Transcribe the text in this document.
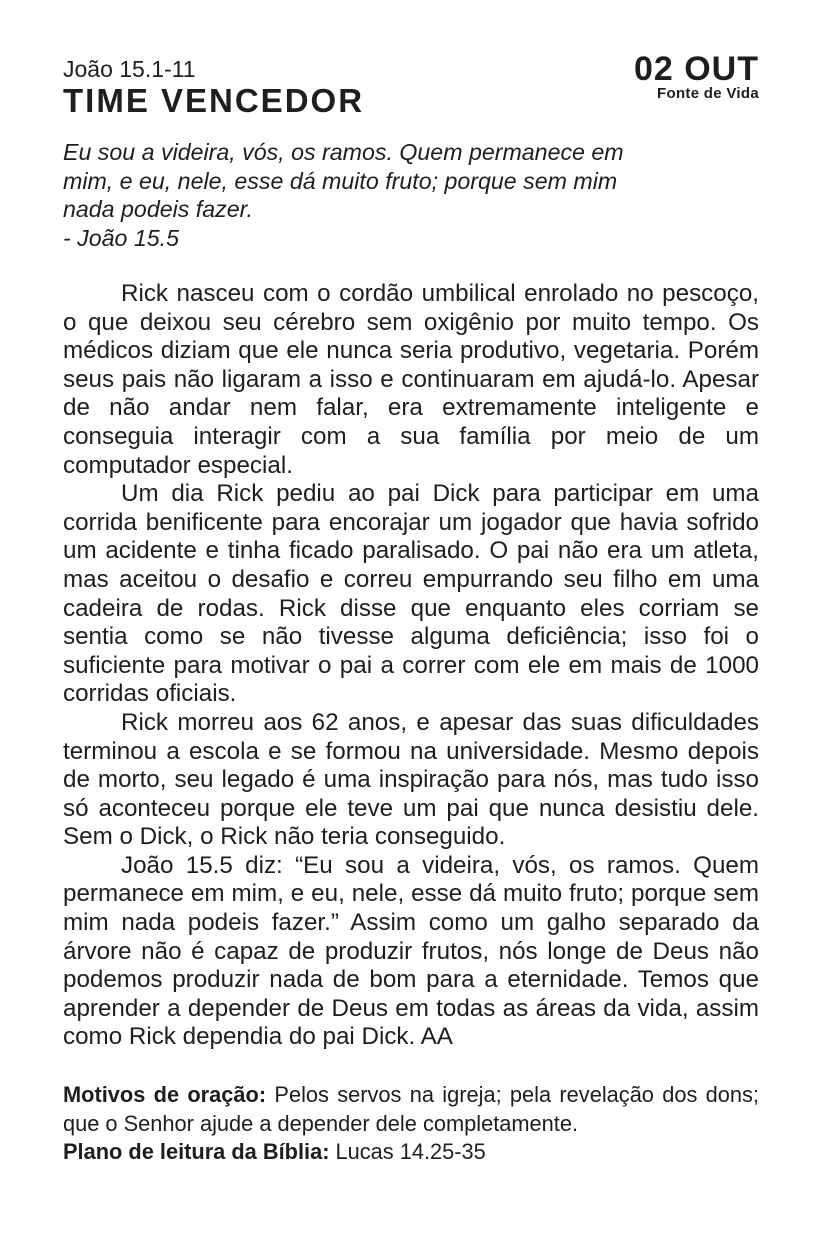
João 15.1-11
TIME VENCEDOR
02 OUT
Fonte de Vida
Eu sou a videira, vós, os ramos. Quem permanece em
mim, e eu, nele, esse dá muito fruto; porque sem mim
nada podeis fazer.
- João 15.5

Rick nasceu com o cordão umbilical enrolado no pescoço, o que deixou seu cérebro sem oxigênio por muito tempo. Os médicos diziam que ele nunca seria produtivo, vegetaria. Porém seus pais não ligaram a isso e continuaram em ajudá-lo. Apesar de não andar nem falar, era extremamente inteligente e conseguia interagir com a sua família por meio de um computador especial.

Um dia Rick pediu ao pai Dick para participar em uma corrida benificente para encorajar um jogador que havia sofrido um acidente e tinha ficado paralisado. O pai não era um atleta, mas aceitou o desafio e correu empurrando seu filho em uma cadeira de rodas. Rick disse que enquanto eles corriam se sentia como se não tivesse alguma deficiência; isso foi o suficiente para motivar o pai a correr com ele em mais de 1000 corridas oficiais.

Rick morreu aos 62 anos, e apesar das suas dificuldades terminou a escola e se formou na universidade. Mesmo depois de morto, seu legado é uma inspiração para nós, mas tudo isso só aconteceu porque ele teve um pai que nunca desistiu dele. Sem o Dick, o Rick não teria conseguido.

João 15.5 diz: “Eu sou a videira, vós, os ramos. Quem permanece em mim, e eu, nele, esse dá muito fruto; porque sem mim nada podeis fazer.” Assim como um galho separado da árvore não é capaz de produzir frutos, nós longe de Deus não podemos produzir nada de bom para a eternidade. Temos que aprender a depender de Deus em todas as áreas da vida, assim como Rick dependia do pai Dick. AA

Motivos de oração: Pelos servos na igreja; pela revelação dos dons; que o Senhor ajude a depender dele completamente.

Plano de leitura da Bíblia: Lucas 14.25-35
